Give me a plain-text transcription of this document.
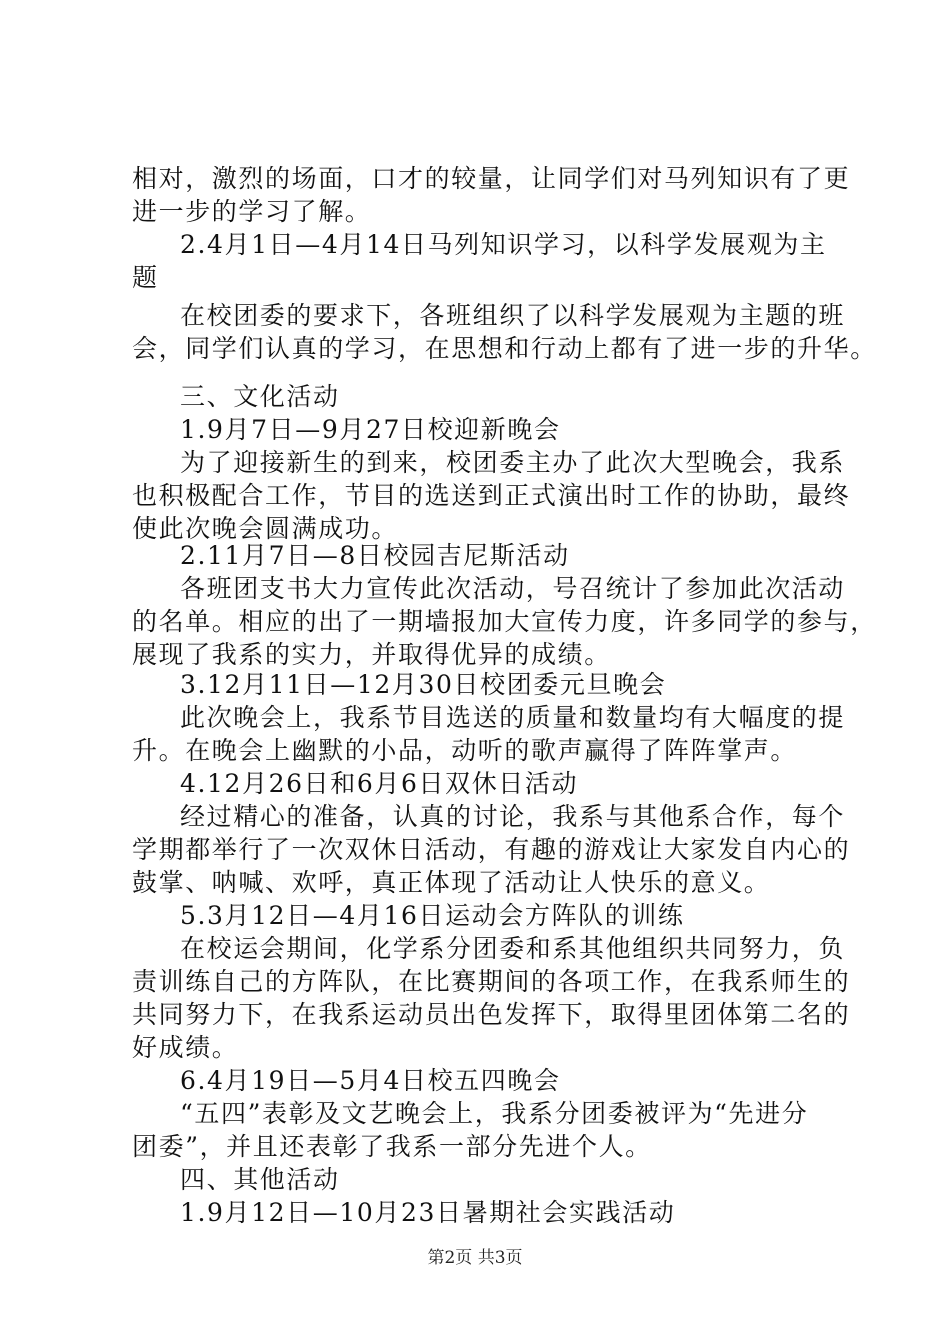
相对，激烈的场面，口才的较量，让同学们对马列知识有了更
进一步的学习了解。
2.4月1日—4月14日马列知识学习，以科学发展观为主
题
在校团委的要求下，各班组织了以科学发展观为主题的班
会，同学们认真的学习，在思想和行动上都有了进一步的升华。
三、文化活动
1.9月7日—9月27日校迎新晚会
为了迎接新生的到来，校团委主办了此次大型晚会，我系
也积极配合工作，节目的选送到正式演出时工作的协助，最终
使此次晚会圆满成功。
2.11月7日—8日校园吉尼斯活动
各班团支书大力宣传此次活动，号召统计了参加此次活动
的名单。相应的出了一期墙报加大宣传力度，许多同学的参与，
展现了我系的实力，并取得优异的成绩。
3.12月11日—12月30日校团委元旦晚会
此次晚会上，我系节目选送的质量和数量均有大幅度的提
升。在晚会上幽默的小品，动听的歌声赢得了阵阵掌声。
4.12月26日和6月6日双休日活动
经过精心的准备，认真的讨论，我系与其他系合作，每个
学期都举行了一次双休日活动，有趣的游戏让大家发自内心的
鼓掌、呐喊、欢呼，真正体现了活动让人快乐的意义。
5.3月12日—4月16日运动会方阵队的训练
在校运会期间，化学系分团委和系其他组织共同努力，负
责训练自己的方阵队，在比赛期间的各项工作，在我系师生的
共同努力下，在我系运动员出色发挥下，取得里团体第二名的
好成绩。
6.4月19日—5月4日校五四晚会
“五四”表彰及文艺晚会上，我系分团委被评为“先进分
团委”，并且还表彰了我系一部分先进个人。
四、其他活动
1.9月12日—10月23日暑期社会实践活动
第2页 共3页
